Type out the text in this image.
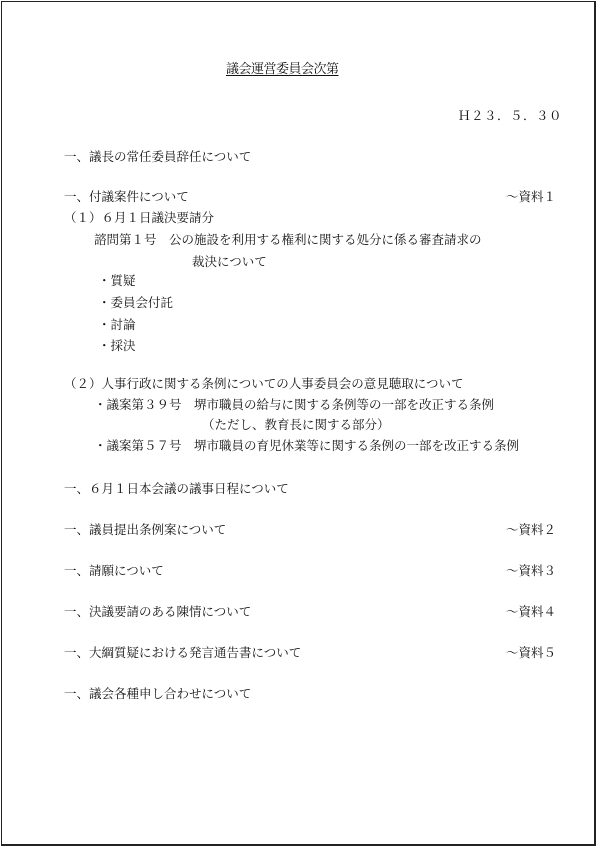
議会運営委員会次第
Ｈ２３．５．３０
一、議長の常任委員辞任について
一、付議案件について	～資料１
（１）６月１日議決要請分
諮問第１号　公の施設を利用する権利に関する処分に係る審査請求の
裁決について
・質疑
・委員会付託
・討論
・採決
（２）人事行政に関する条例についての人事委員会の意見聴取について
・議案第３９号　堺市職員の給与に関する条例等の一部を改正する条例
（ただし、教育長に関する部分）
・議案第５７号　堺市職員の育児休業等に関する条例の一部を改正する条例
一、６月１日本会議の議事日程について
一、議員提出条例案について	～資料２
一、請願について	～資料３
一、決議要請のある陳情について	～資料４
一、大綱質疑における発言通告書について	～資料５
一、議会各種申し合わせについて
